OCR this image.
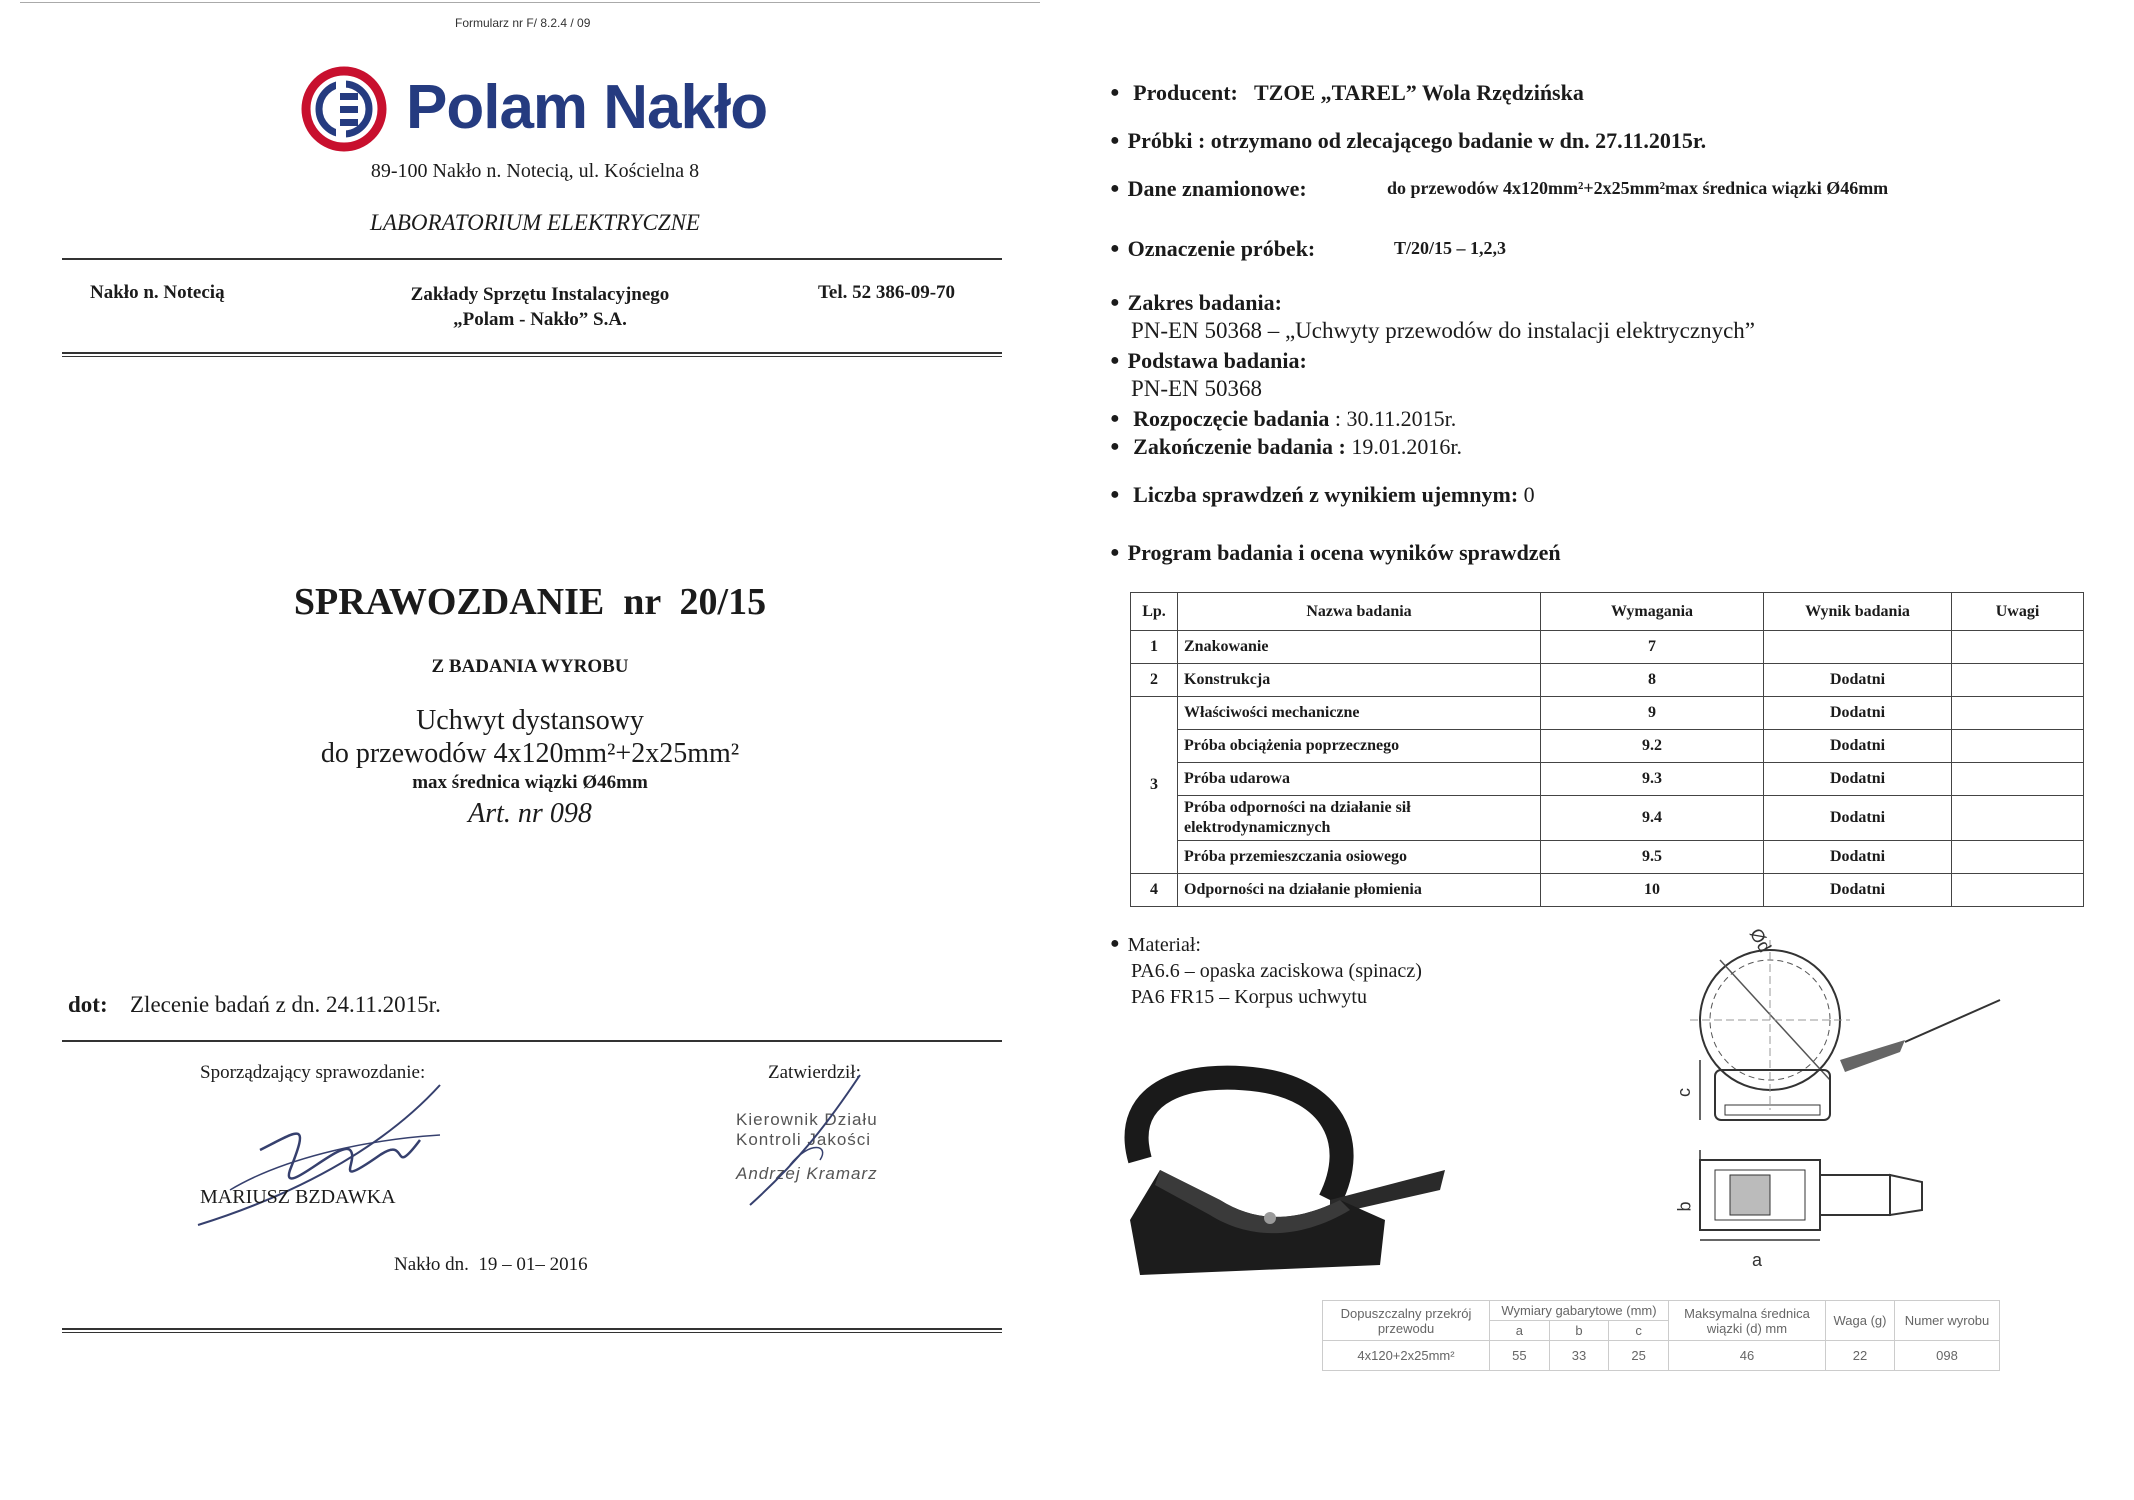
Formularz nr F/ 8.2.4 / 09
Polam Nakło
89-100 Nakło n. Notecią, ul. Kościelna 8
LABORATORIUM ELEKTRYCZNE
Nakło n. Notecią	Zakłady Sprzętu Instalacyjnego
„Polam - Nakło” S.A.
Tel. 52 386-09-70
SPRAWOZDANIE  nr  20/15
Z BADANIA WYROBU
Uchwyt dystansowy
do przewodów 4x120mm²+2x25mm²
max średnica wiązki Ø46mm
Art. nr 098
dot: Zlecenie badań z dn. 24.11.2015r.
Sporządzający sprawozdanie:
MARIUSZ BZDAWKA
Zatwierdził:
Kierownik Działu
Kontroli Jakości
Andrzej Kramarz
Nakło dn.  19 – 01– 2016
● Producent: TZOE „TAREL” Wola Rzędzińska
● Próbki : otrzymano od zlecającego badanie w dn. 27.11.2015r.
● Dane znamionowe:	do przewodów 4x120mm²+2x25mm²max średnica wiązki Ø46mm
● Oznaczenie próbek:	T/20/15 – 1,2,3
● Zakres badania:
PN-EN 50368 – „Uchwyty przewodów do instalacji elektrycznych”
● Podstawa badania:
PN-EN 50368
● Rozpoczęcie badania : 30.11.2015r.
● Zakończenie badania : 19.01.2016r.
● Liczba sprawdzeń z wynikiem ujemnym: 0
● Program badania i ocena wyników sprawdzeń
Lp.	Nazwa badania	Wymagania	Wynik badania	Uwagi
1	Znakowanie	7		
2	Konstrukcja	8	Dodatni	
3	Właściwości mechaniczne	9	Dodatni	
	Próba obciążenia poprzecznego	9.2	Dodatni	
	Próba udarowa	9.3	Dodatni	
	Próba odporności na działanie sił elektrodynamicznych	9.4	Dodatni	
	Próba przemieszczania osiowego	9.5	Dodatni	
4	Odporności na działanie płomienia	10	Dodatni	
● Materiał:
PA6.6 – opaska zaciskowa (spinacz)
PA6 FR15 – Korpus uchwytu
Ød
c
b
a
Dopuszczalny przekrój przewodu	Wymiary gabarytowe (mm)			Maksymalna średnica wiązki (d) mm	Waga (g)	Numer wyrobu
	a	b	c			
4x120+2x25mm²	55	33	25	46	22	098
